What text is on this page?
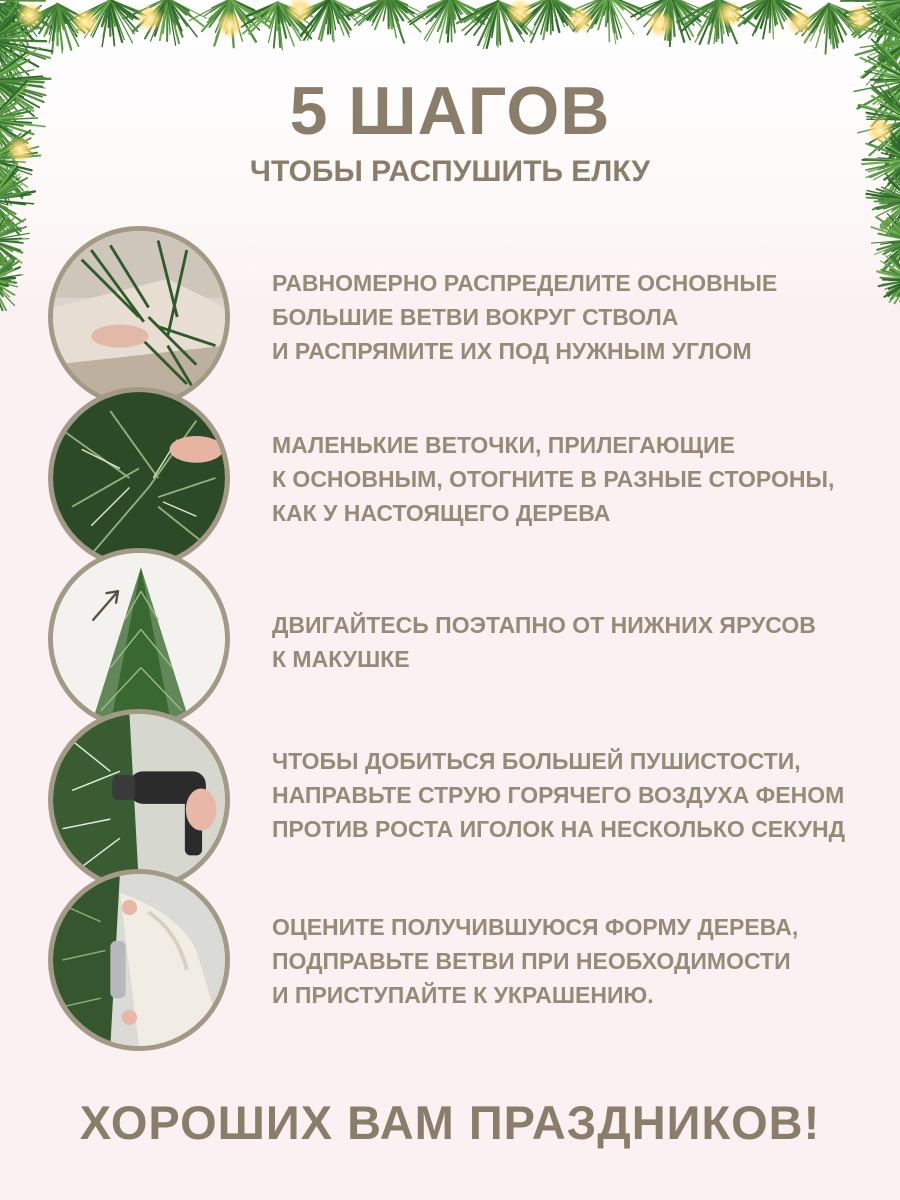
5 ШАГОВ
ЧТОБЫ РАСПУШИТЬ ЕЛКУ
РАВНОМЕРНО РАСПРЕДЕЛИТЕ ОСНОВНЫЕ
БОЛЬШИЕ ВЕТВИ ВОКРУГ СТВОЛА
И РАСПРЯМИТЕ ИХ ПОД НУЖНЫМ УГЛОМ
МАЛЕНЬКИЕ ВЕТОЧКИ, ПРИЛЕГАЮЩИЕ
К ОСНОВНЫМ, ОТОГНИТЕ В РАЗНЫЕ СТОРОНЫ,
КАК У НАСТОЯЩЕГО ДЕРЕВА
ДВИГАЙТЕСЬ ПОЭТАПНО ОТ НИЖНИХ ЯРУСОВ
К МАКУШКЕ
ЧТОБЫ ДОБИТЬСЯ БОЛЬШЕЙ ПУШИСТОСТИ,
НАПРАВЬТЕ СТРУЮ ГОРЯЧЕГО ВОЗДУХА ФЕНОМ
ПРОТИВ РОСТА ИГОЛОК НА НЕСКОЛЬКО СЕКУНД
ОЦЕНИТЕ ПОЛУЧИВШУЮСЯ ФОРМУ ДЕРЕВА,
ПОДПРАВЬТЕ ВЕТВИ ПРИ НЕОБХОДИМОСТИ
И ПРИСТУПАЙТЕ К УКРАШЕНИЮ.

ХОРОШИХ ВАМ ПРАЗДНИКОВ!
